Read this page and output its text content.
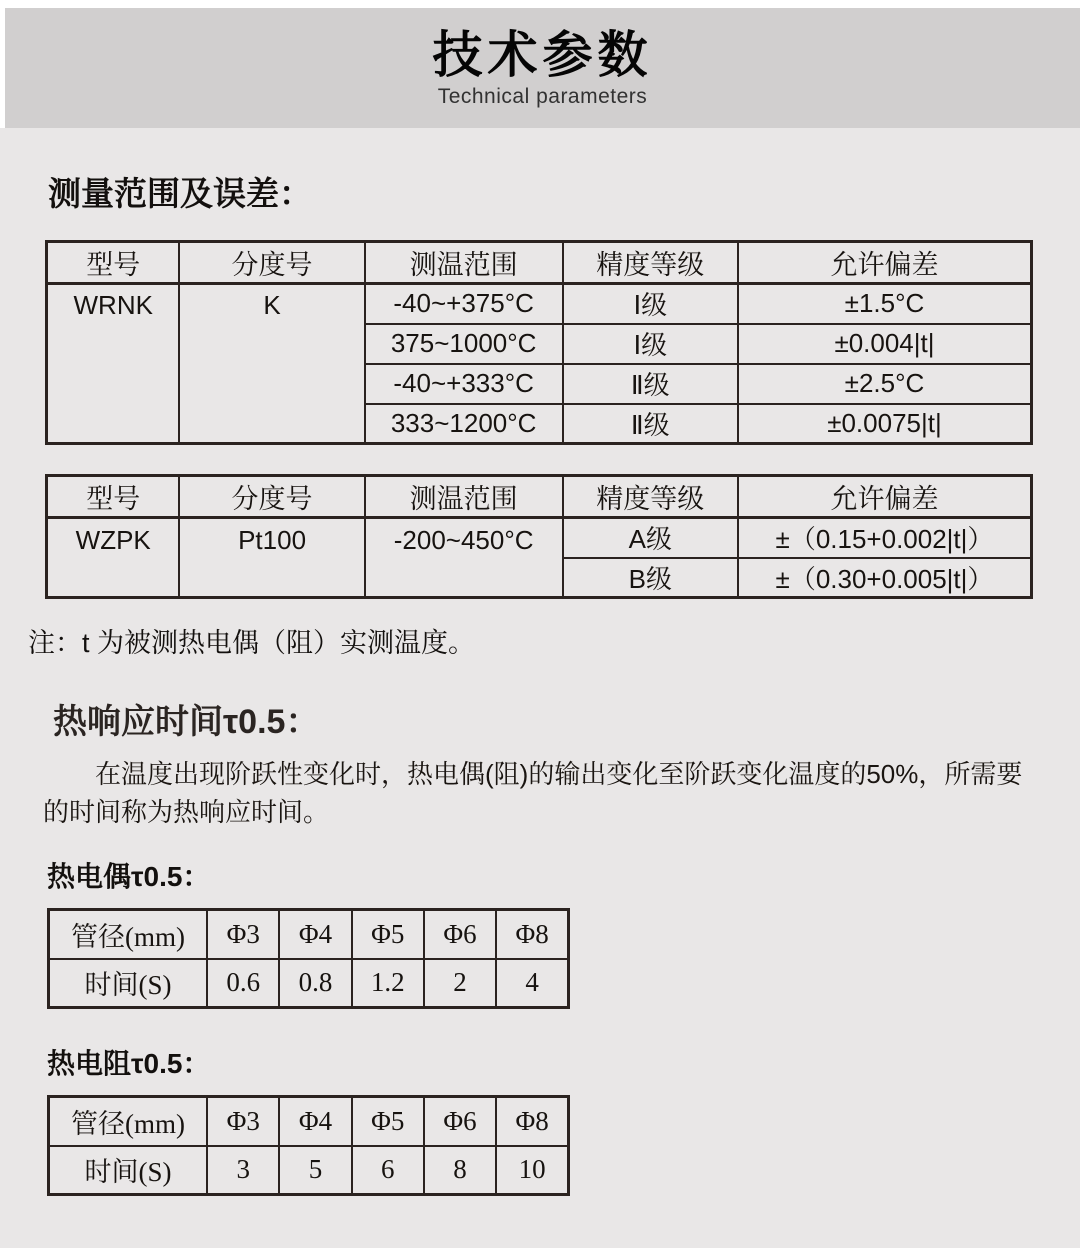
技术参数
Technical parameters
测量范围及误差：
型号	分度号	测温范围	精度等级	允许偏差
WRNK	K	-40~+375°C	Ⅰ级	±1.5°C
		375~1000°C	Ⅰ级	±0.004|t|
		-40~+333°C	Ⅱ级	±2.5°C
		333~1200°C	Ⅱ级	±0.0075|t|
型号	分度号	测温范围	精度等级	允许偏差
WZPK	Pt100	-200~450°C	A级	±（0.15+0.002|t|）
			B级	±（0.30+0.005|t|）
注：t 为被测热电偶（阻）实测温度。
热响应时间τ0.5：

在温度出现阶跃性变化时，热电偶(阻)的输出变化至阶跃变化温度的50%，所需要的时间称为热响应时间。

热电偶τ0.5：
管径(mm)	Φ3	Φ4	Φ5	Φ6	Φ8
时间(S)	0.6	0.8	1.2	2	4
热电阻τ0.5：
管径(mm)	Φ3	Φ4	Φ5	Φ6	Φ8
时间(S)	3	5	6	8	10
